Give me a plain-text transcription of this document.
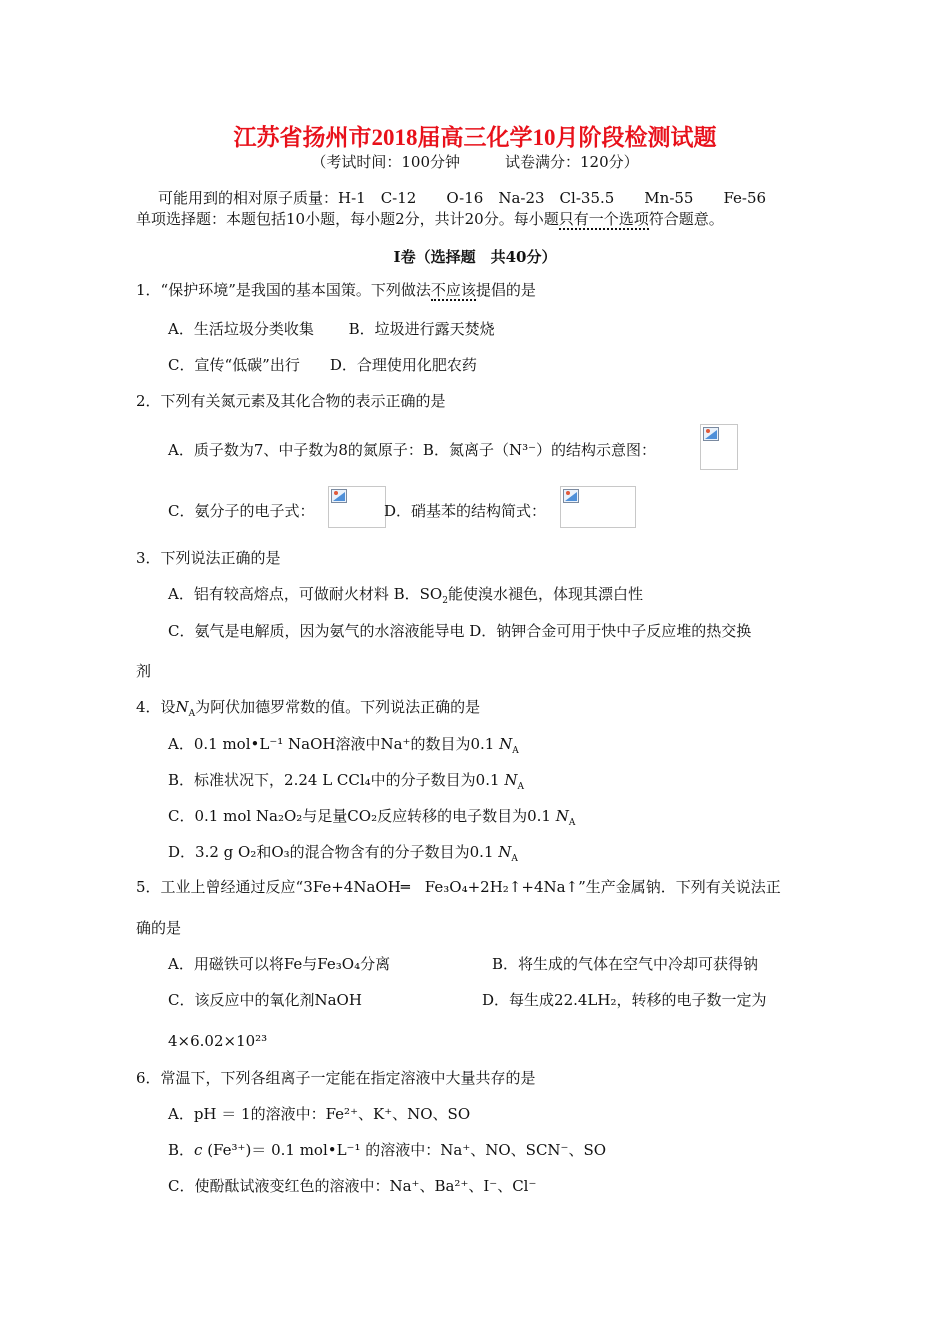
江苏省扬州市2018届高三化学10月阶段检测试题
（考试时间：100分钟　　　试卷满分：120分）
可能用到的相对原子质量：H-1　C-12　　O-16　Na-23　Cl-35.5　　Mn-55　　Fe-56
单项选择题：本题包括10小题，每小题2分，共计20分。每小题只有一个选项符合题意。
Ⅰ卷（选择题　共40分）
1．“保护环境”是我国的基本国策。下列做法不应该提倡的是
A．生活垃圾分类收集　　 B．垃圾进行露天焚烧
C．宣传“低碳”出行　　D．合理使用化肥农药
2．下列有关氮元素及其化合物的表示正确的是
A．质子数为7、中子数为8的氮原子：B．氮离子（N³⁻）的结构示意图：
C．氨分子的电子式：	D．硝基苯的结构简式：
3．下列说法正确的是
A．铝有较高熔点，可做耐火材料 B．$SO_2$能使溴水褪色，体现其漂白性
C．氨气是电解质，因为氨气的水溶液能导电 D．钠钾合金可用于快中子反应堆的热交换
剂
4．设$N_A$为阿伏加德罗常数的值。下列说法正确的是
A．0.1 mol•L⁻¹ NaOH溶液中Na⁺的数目为0.1 $N_A$
B．标准状况下，2.24 L CCl₄中的分子数目为0.1 $N_A$
C．0.1 mol Na₂O₂与足量CO₂反应转移的电子数目为0.1 $N_A$
D．3.2 g O₂和O₃的混合物含有的分子数目为0.1 $N_A$
5．工业上曾经通过反应“3Fe+4NaOH═　Fe₃O₄+2H₂↑+4Na↑”生产金属钠．下列有关说法正
确的是
A．用磁铁可以将Fe与Fe₃O₄分离	B．将生成的气体在空气中冷却可获得钠
C．该反应中的氧化剂NaOH	D．每生成22.4LH₂，转移的电子数一定为
4×6.02×10²³
6．常温下，下列各组离子一定能在指定溶液中大量共存的是
A．pH ＝ 1的溶液中：Fe²⁺、K⁺、NO、SO
B．c (Fe³⁺)＝ 0.1 mol•L⁻¹ 的溶液中：Na⁺、NO、SCN⁻、SO
C．使酚酞试液变红色的溶液中：Na⁺、Ba²⁺、I⁻、Cl⁻
